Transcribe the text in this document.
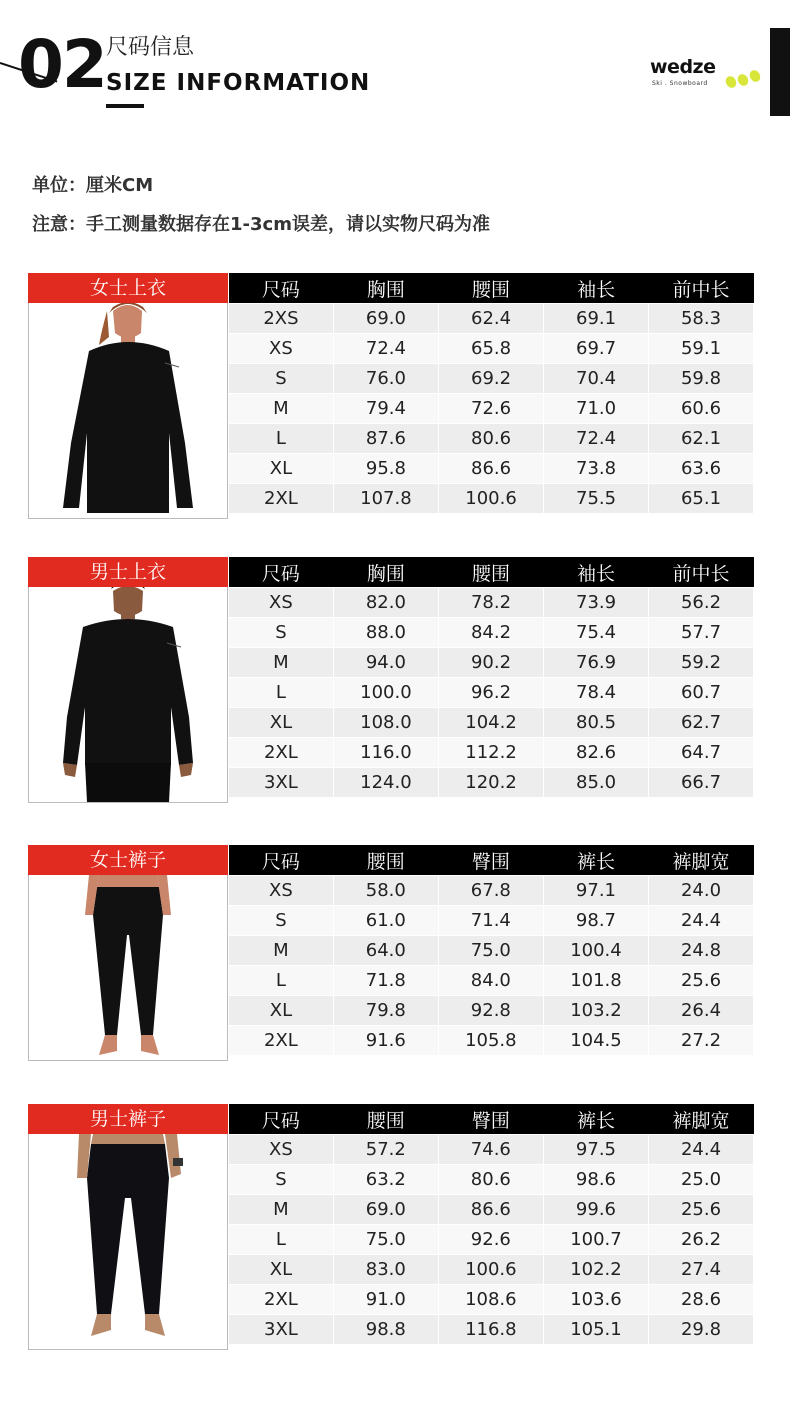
02 尺码信息
SIZE INFORMATION
wedze
Ski . Snowboard
单位：厘米CM
注意：手工测量数据存在1-3cm误差，请以实物尺码为准
女士上衣	尺码	胸围	腰围	袖长	前中长
2XS	69.0	62.4	69.1	58.3
XS	72.4	65.8	69.7	59.1
S	76.0	69.2	70.4	59.8
M	79.4	72.6	71.0	60.6
L	87.6	80.6	72.4	62.1
XL	95.8	86.6	73.8	63.6
2XL	107.8	100.6	75.5	65.1
男士上衣	尺码	胸围	腰围	袖长	前中长
XS	82.0	78.2	73.9	56.2
S	88.0	84.2	75.4	57.7
M	94.0	90.2	76.9	59.2
L	100.0	96.2	78.4	60.7
XL	108.0	104.2	80.5	62.7
2XL	116.0	112.2	82.6	64.7
3XL	124.0	120.2	85.0	66.7
女士裤子	尺码	腰围	臀围	裤长	裤脚宽
XS	58.0	67.8	97.1	24.0
S	61.0	71.4	98.7	24.4
M	64.0	75.0	100.4	24.8
L	71.8	84.0	101.8	25.6
XL	79.8	92.8	103.2	26.4
2XL	91.6	105.8	104.5	27.2
男士裤子	尺码	腰围	臀围	裤长	裤脚宽
XS	57.2	74.6	97.5	24.4
S	63.2	80.6	98.6	25.0
M	69.0	86.6	99.6	25.6
L	75.0	92.6	100.7	26.2
XL	83.0	100.6	102.2	27.4
2XL	91.0	108.6	103.6	28.6
3XL	98.8	116.8	105.1	29.8
